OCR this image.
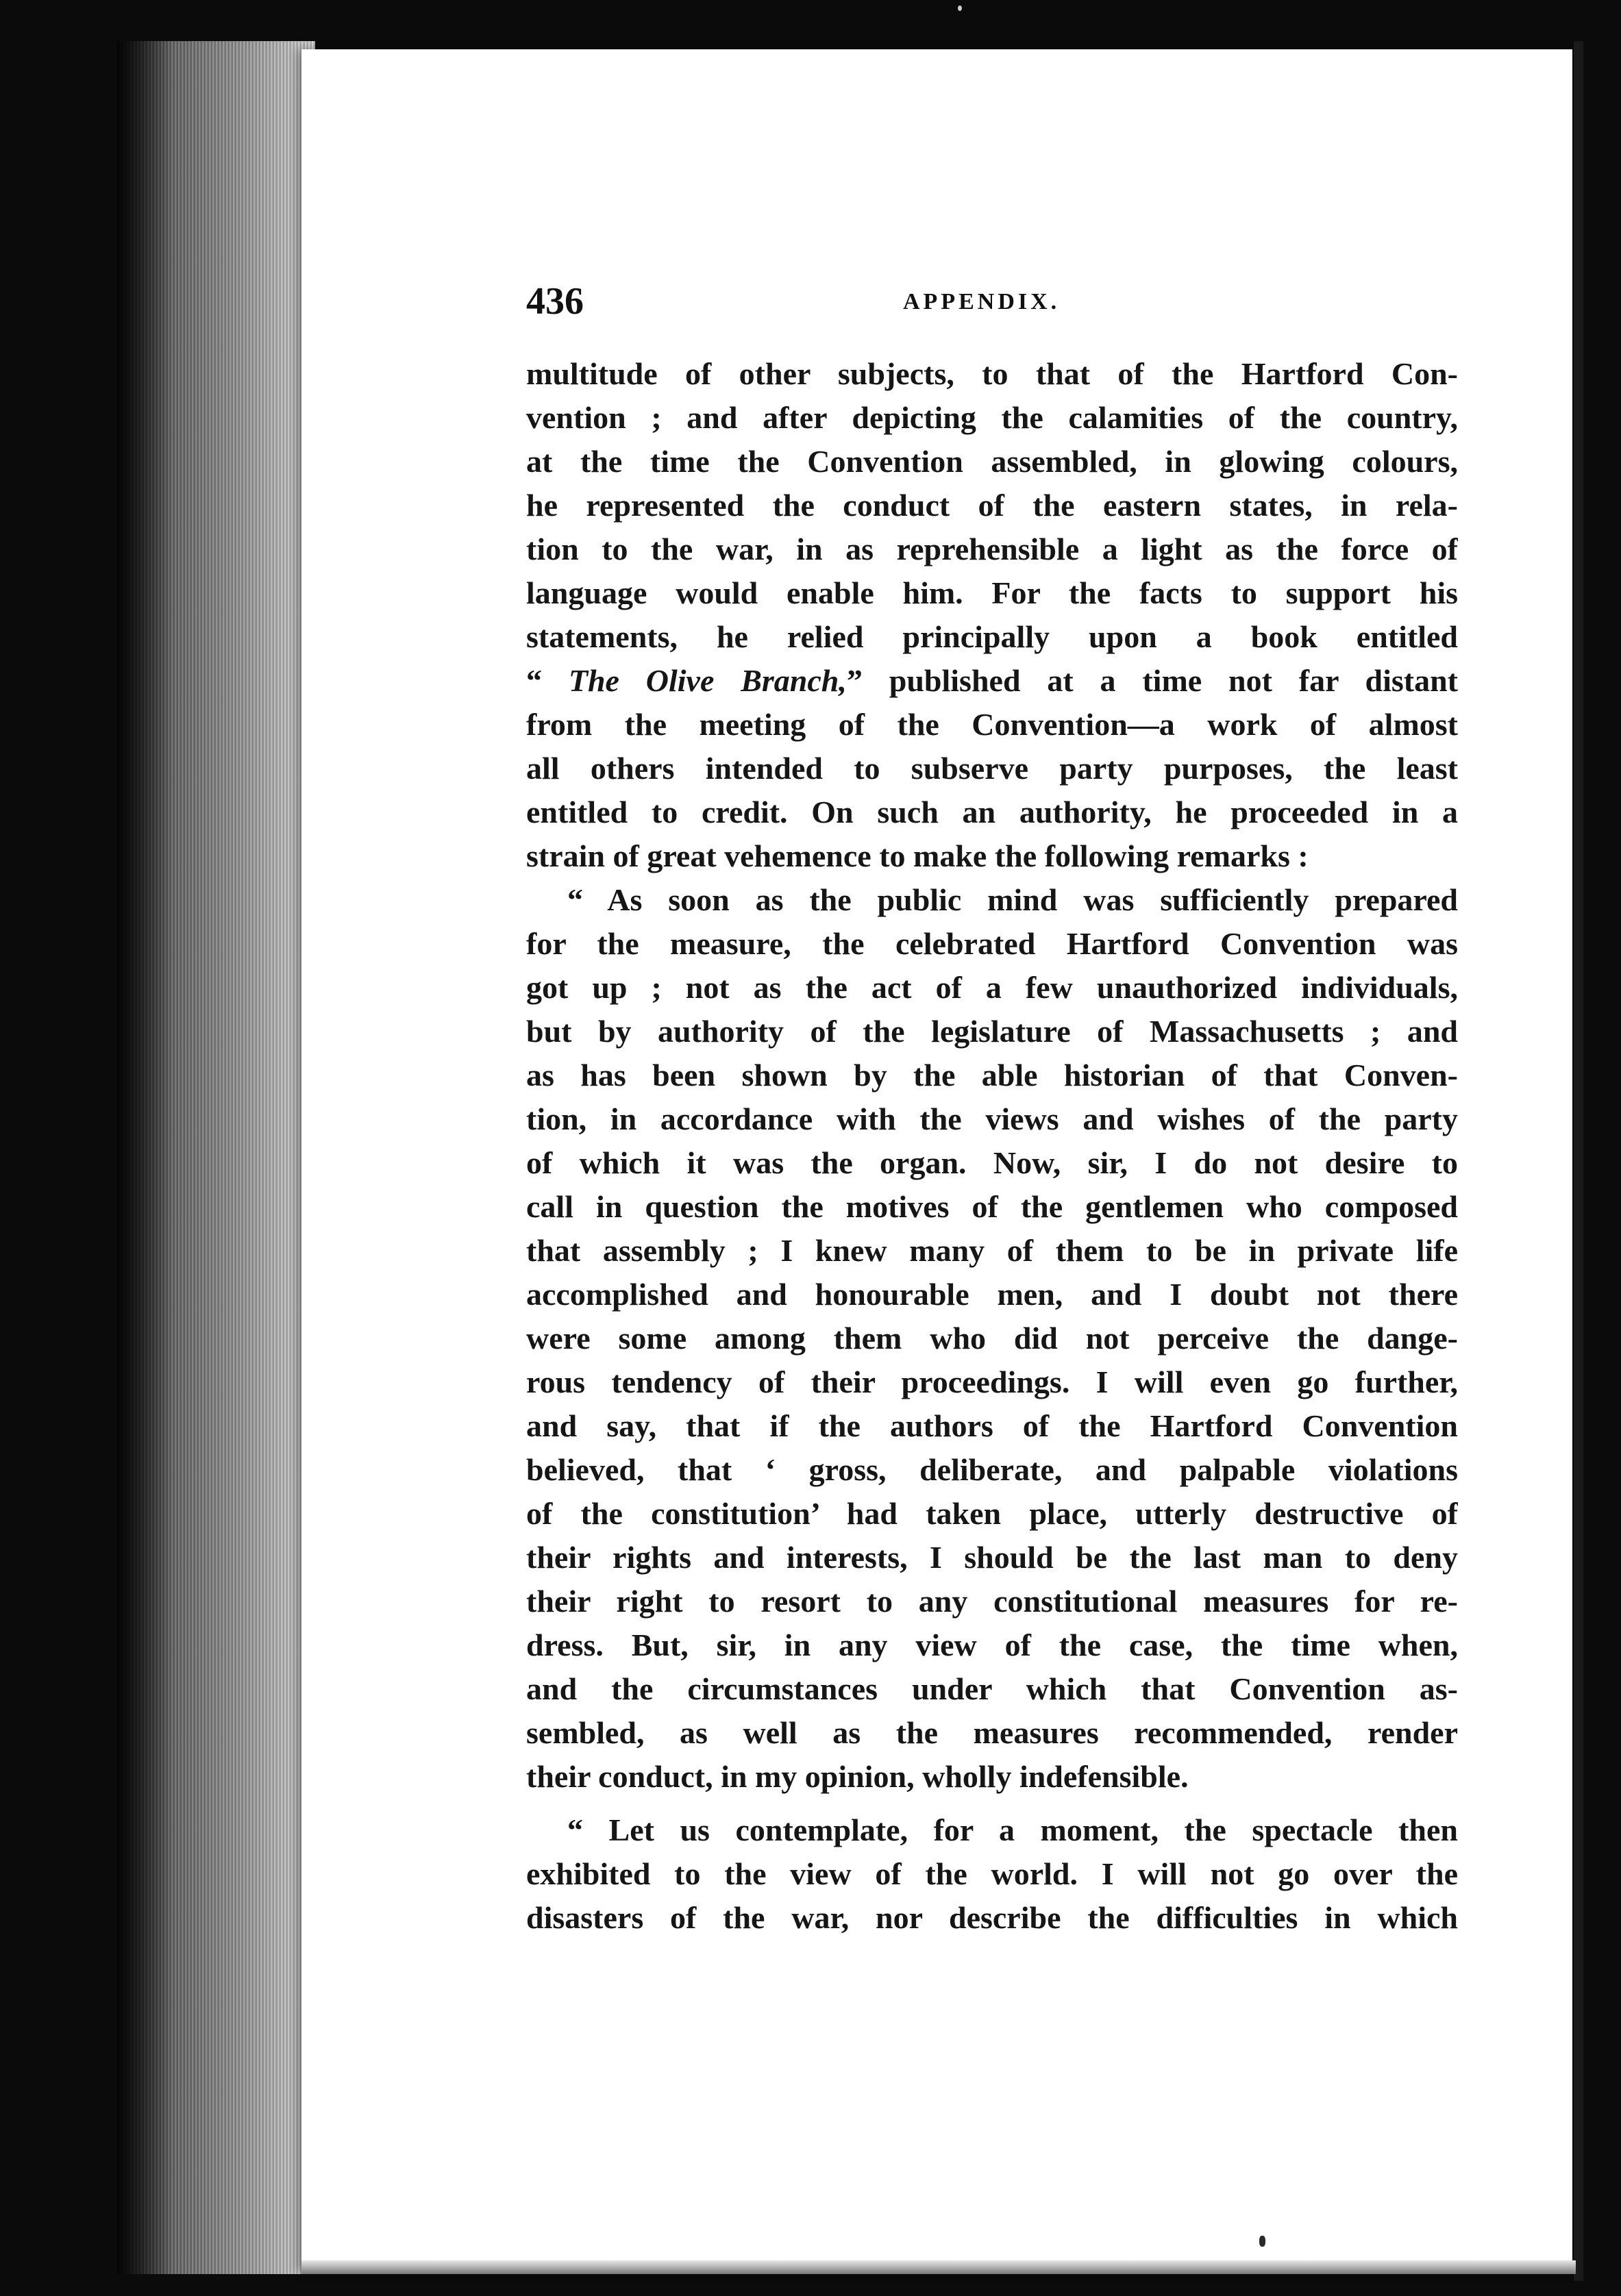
436	APPENDIX.
multitude of other subjects, to that of the Hartford Con-
vention ; and after depicting the calamities of the country,
at the time the Convention assembled, in glowing colours,
he represented the conduct of the eastern states, in rela-
tion to the war, in as reprehensible a light as the force of
language would enable him. For the facts to support his
statements, he relied principally upon a book entitled
“ The Olive Branch,” published at a time not far distant
from the meeting of the Convention—a work of almost
all others intended to subserve party purposes, the least
entitled to credit. On such an authority, he proceeded in a
strain of great vehemence to make the following remarks :
“ As soon as the public mind was sufficiently prepared
for the measure, the celebrated Hartford Convention was
got up ; not as the act of a few unauthorized individuals,
but by authority of the legislature of Massachusetts ; and
as has been shown by the able historian of that Conven-
tion, in accordance with the views and wishes of the party
of which it was the organ. Now, sir, I do not desire to
call in question the motives of the gentlemen who composed
that assembly ; I knew many of them to be in private life
accomplished and honourable men, and I doubt not there
were some among them who did not perceive the dange-
rous tendency of their proceedings. I will even go further,
and say, that if the authors of the Hartford Convention
believed, that ‘ gross, deliberate, and palpable violations
of the constitution’ had taken place, utterly destructive of
their rights and interests, I should be the last man to deny
their right to resort to any constitutional measures for re-
dress. But, sir, in any view of the case, the time when,
and the circumstances under which that Convention as-
sembled, as well as the measures recommended, render
their conduct, in my opinion, wholly indefensible.
“ Let us contemplate, for a moment, the spectacle then
exhibited to the view of the world. I will not go over the
disasters of the war, nor describe the difficulties in which
